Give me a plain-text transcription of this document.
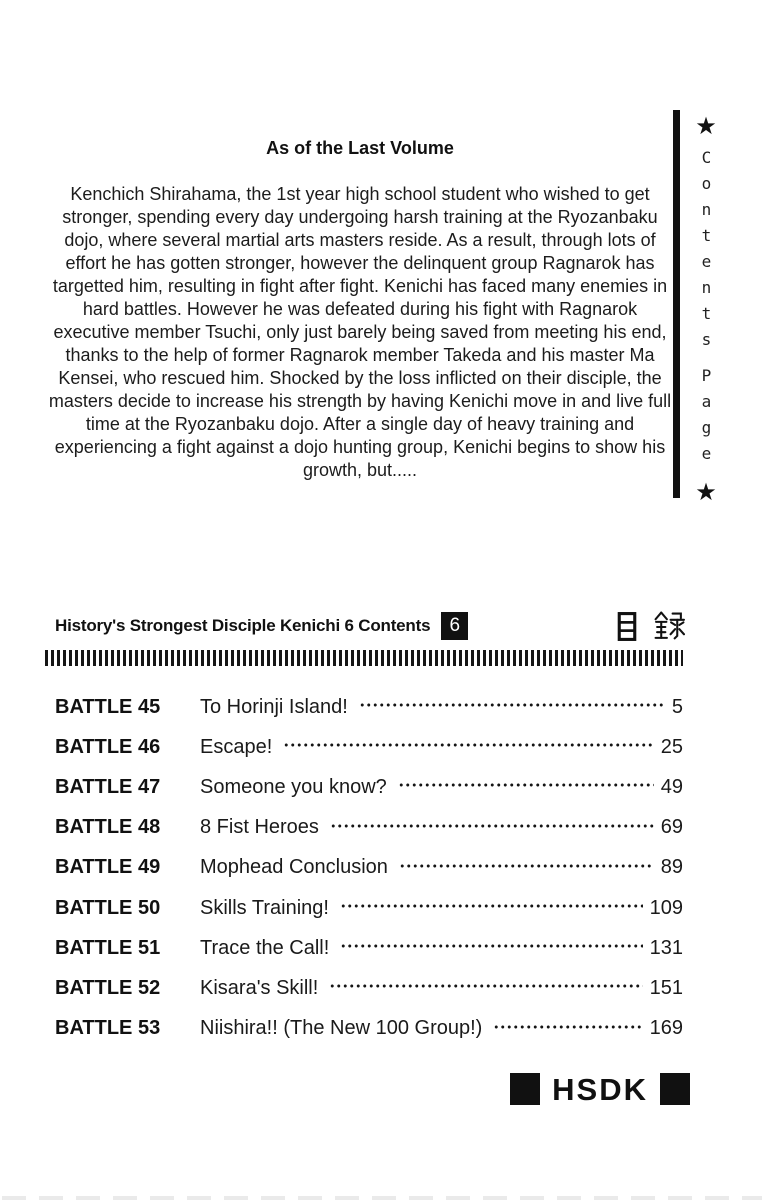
As of the Last Volume

Kenchich Shirahama, the 1st year high school student who wished to get stronger, spending every day undergoing harsh training at the Ryozanbaku dojo, where several martial arts masters reside. As a result, through lots of effort he has gotten stronger, however the delinquent group Ragnarok has targetted him, resulting in fight after fight. Kenichi has faced many enemies in hard battles. However he was defeated during his fight with Ragnarok executive member Tsuchi, only just barely being saved from meeting his end, thanks to the help of former Ragnarok member Takeda and his master Ma Kensei, who rescued him. Shocked by the loss inflicted on their disciple, the masters decide to increase his strength by having Kenichi move in and live full time at the Ryozanbaku dojo. After a single day of heavy training and experiencing a fight against a dojo hunting group, Kenichi begins to show his growth, but.....

★
Contents
Page
★
History's Strongest Disciple Kenichi 6 Contents	6
BATTLE 45	To Horinji Island!	5
BATTLE 46	Escape!	25
BATTLE 47	Someone you know?	49
BATTLE 48	8 Fist Heroes	69
BATTLE 49	Mophead Conclusion	89
BATTLE 50	Skills Training!	109
BATTLE 51	Trace the Call!	131
BATTLE 52	Kisara's Skill!	151
BATTLE 53	Niishira!! (The New 100 Group!)	169
HSDK
